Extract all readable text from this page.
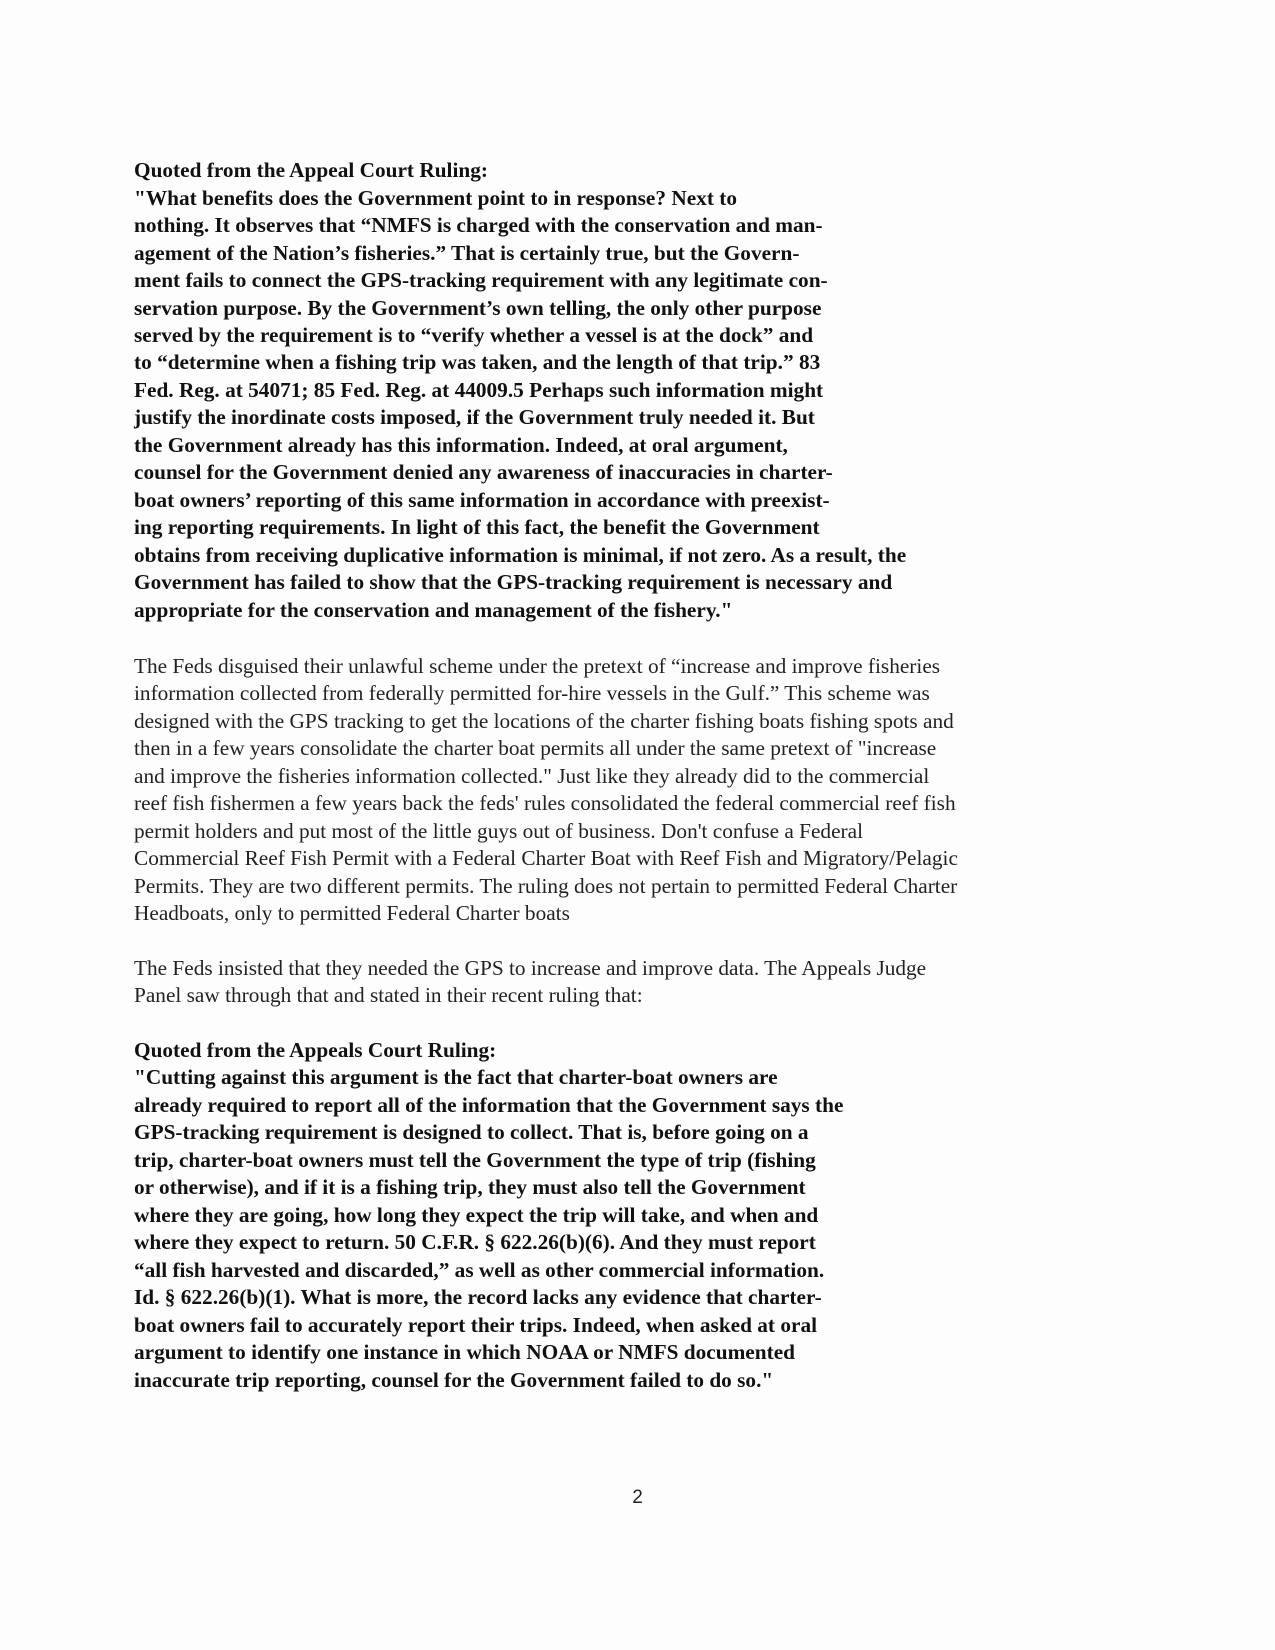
Quoted from the Appeal Court Ruling:

"What benefits does the Government point to in response? Next to

nothing. It observes that “NMFS is charged with the conservation and man-

agement of the Nation’s fisheries.” That is certainly true, but the Govern-

ment fails to connect the GPS-tracking requirement with any legitimate con-

servation purpose. By the Government’s own telling, the only other purpose

served by the requirement is to “verify whether a vessel is at the dock” and

to “determine when a fishing trip was taken, and the length of that trip.” 83

Fed. Reg. at 54071; 85 Fed. Reg. at 44009.5 Perhaps such information might

justify the inordinate costs imposed, if the Government truly needed it. But

the Government already has this information. Indeed, at oral argument,

counsel for the Government denied any awareness of inaccuracies in charter-

boat owners’ reporting of this same information in accordance with preexist-

ing reporting requirements. In light of this fact, the benefit the Government

obtains from receiving duplicative information is minimal, if not zero. As a result, the

Government has failed to show that the GPS-tracking requirement is necessary and

appropriate for the conservation and management of the fishery."

The Feds disguised their unlawful scheme under the pretext of “increase and improve fisheries

information collected from federally permitted for-hire vessels in the Gulf.” This scheme was

designed with the GPS tracking to get the locations of the charter fishing boats fishing spots and

then in a few years consolidate the charter boat permits all under the same pretext of "increase

and improve the fisheries information collected." Just like they already did to the commercial

reef fish fishermen a few years back the feds' rules consolidated the federal commercial reef fish

permit holders and put most of the little guys out of business. Don't confuse a Federal

Commercial Reef Fish Permit with a Federal Charter Boat with Reef Fish and Migratory/Pelagic

Permits. They are two different permits. The ruling does not pertain to permitted Federal Charter

Headboats, only to permitted Federal Charter boats

The Feds insisted that they needed the GPS to increase and improve data. The Appeals Judge

Panel saw through that and stated in their recent ruling that:

Quoted from the Appeals Court Ruling:

"Cutting against this argument is the fact that charter-boat owners are

already required to report all of the information that the Government says the

GPS-tracking requirement is designed to collect. That is, before going on a

trip, charter-boat owners must tell the Government the type of trip (fishing

or otherwise), and if it is a fishing trip, they must also tell the Government

where they are going, how long they expect the trip will take, and when and

where they expect to return. 50 C.F.R. § 622.26(b)(6). And they must report

“all fish harvested and discarded,” as well as other commercial information.

Id. § 622.26(b)(1). What is more, the record lacks any evidence that charter-

boat owners fail to accurately report their trips. Indeed, when asked at oral

argument to identify one instance in which NOAA or NMFS documented

inaccurate trip reporting, counsel for the Government failed to do so."

2
